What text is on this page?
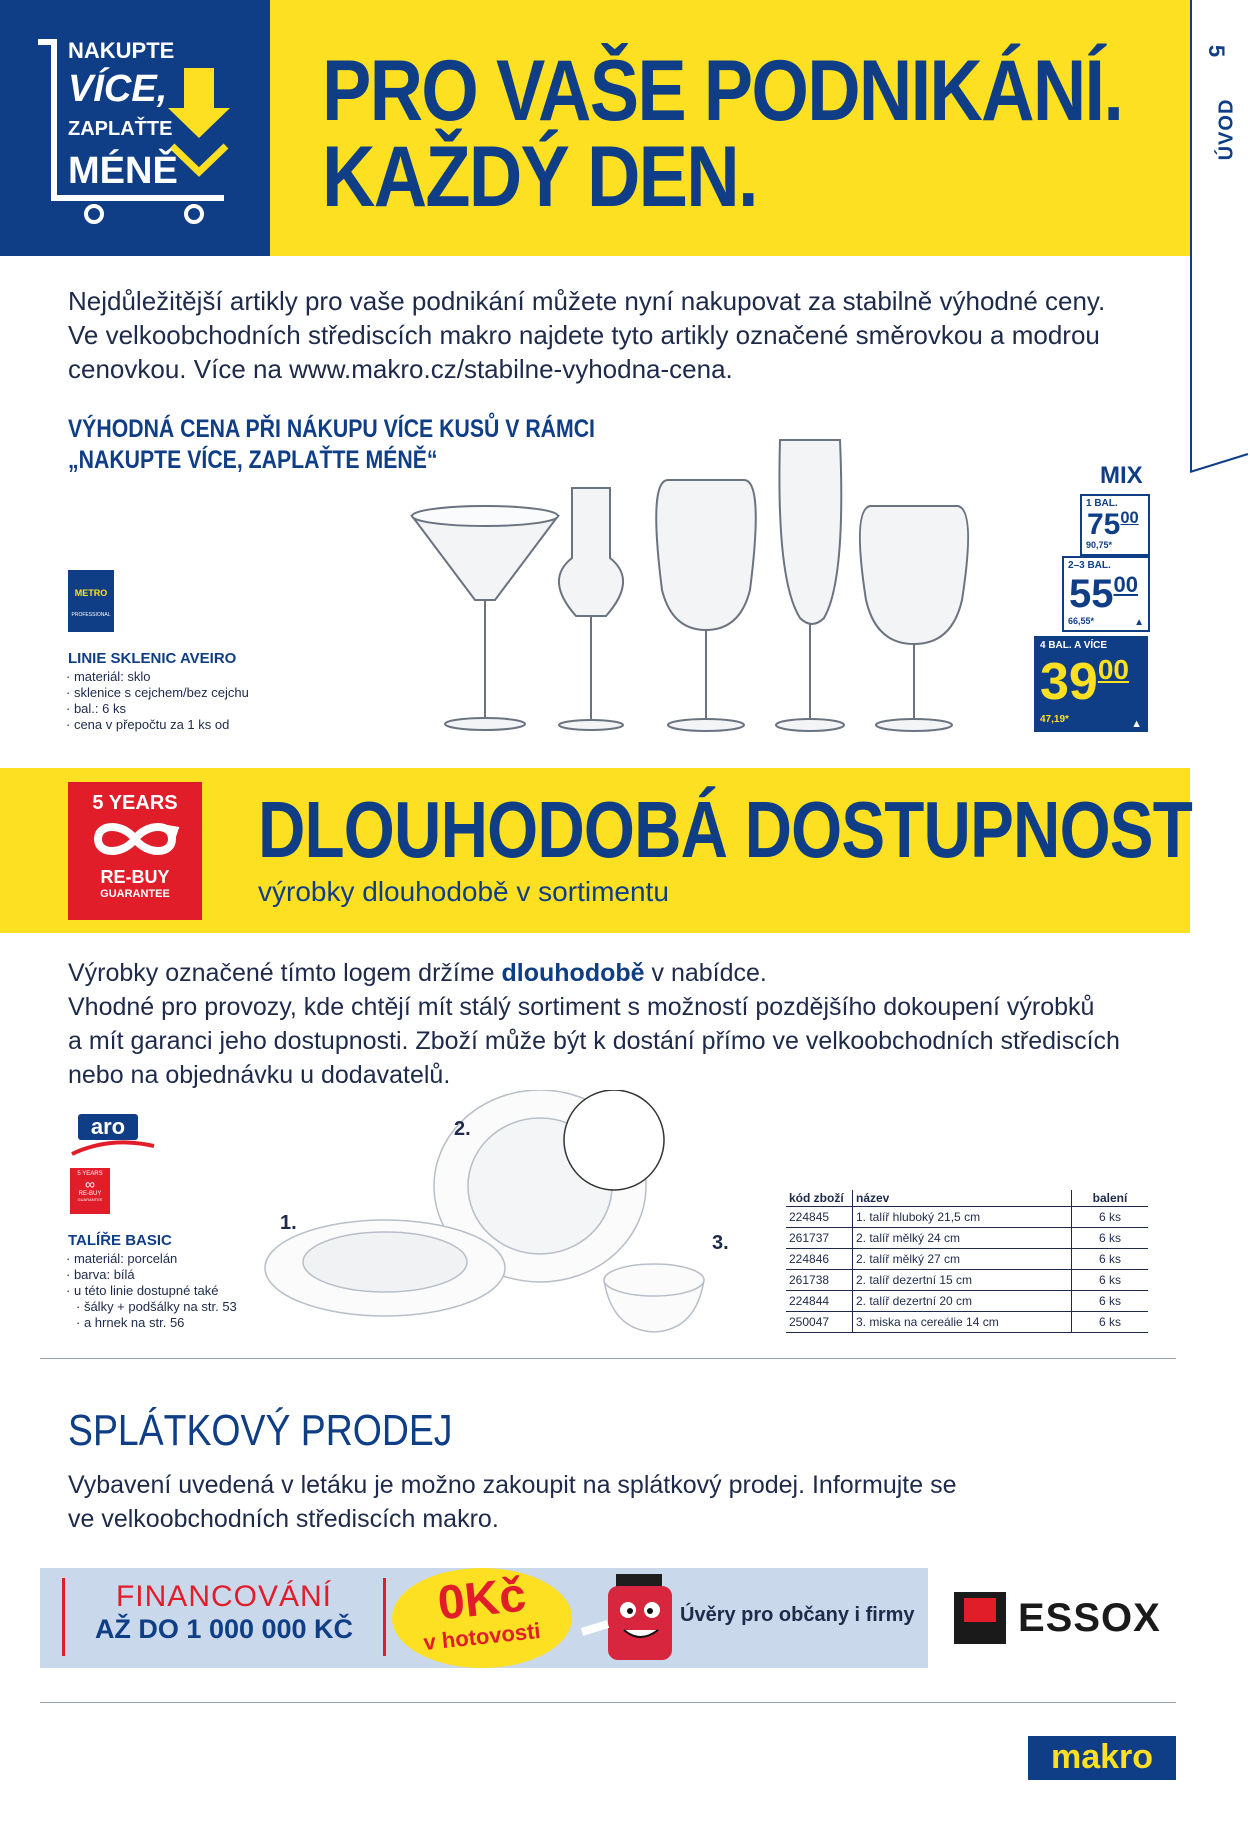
NAKUPTE
VÍCE,
ZAPLAŤTE
MÉNĚ
PRO VAŠE PODNIKÁNÍ.
KAŽDÝ DEN.
5
ÚVOD
Nejdůležitější artikly pro vaše podnikání můžete nyní nakupovat za stabilně výhodné ceny.
Ve velkoobchodních střediscích makro najdete tyto artikly označené směrovkou a modrou
cenovkou. Více na www.makro.cz/stabilne-vyhodna-cena.
VÝHODNÁ CENA PŘI NÁKUPU VÍCE KUSŮ V RÁMCI
„NAKUPTE VÍCE, ZAPLAŤTE MÉNĚ“
METRO
PROFESSIONAL
LINIE SKLENIC AVEIRO
· materiál: sklo
· sklenice s cejchem/bez cejchu
· bal.: 6 ks
· cena v přepočtu za 1 ks od
MIX
1 BAL.
$75^{00}$
90,75*
2–3 BAL.
$55^{00}$
66,55*	▲
4 BAL. A VÍCE
$39^{00}$
47,19*	▲
5 YEARS
RE-BUY
GUARANTEE
DLOUHODOBÁ DOSTUPNOST
výrobky dlouhodobě v sortimentu
Výrobky označené tímto logem držíme dlouhodobě v nabídce.
Vhodné pro provozy, kde chtějí mít stálý sortiment s možností pozdějšího dokoupení výrobků
a mít garanci jeho dostupnosti. Zboží může být k dostání přímo ve velkoobchodních střediscích
nebo na objednávku u dodavatelů.
aro
5 YEARS
∞
RE-BUY
GUARANTEE
TALÍŘE BASIC
· materiál: porcelán
· barva: bílá
· u této linie dostupné také
· šálky + podšálky na str. 53
· a hrnek na str. 56
1.
2.
3.
kód zboží	název	balení
224845	1. talíř hluboký 21,5 cm	6 ks
261737	2. talíř mělký 24 cm	6 ks
224846	2. talíř mělký 27 cm	6 ks
261738	2. talíř dezertní 15 cm	6 ks
224844	2. talíř dezertní 20 cm	6 ks
250047	3. miska na cereálie 14 cm	6 ks
SPLÁTKOVÝ PRODEJ
Vybavení uvedená v letáku je možno zakoupit na splátkový prodej. Informujte se
ve velkoobchodních střediscích makro.
FINANCOVÁNÍ
AŽ DO 1 000 000 KČ	0Kč
v hotovosti
Úvěry pro občany i firmy	ESSOX
makro
